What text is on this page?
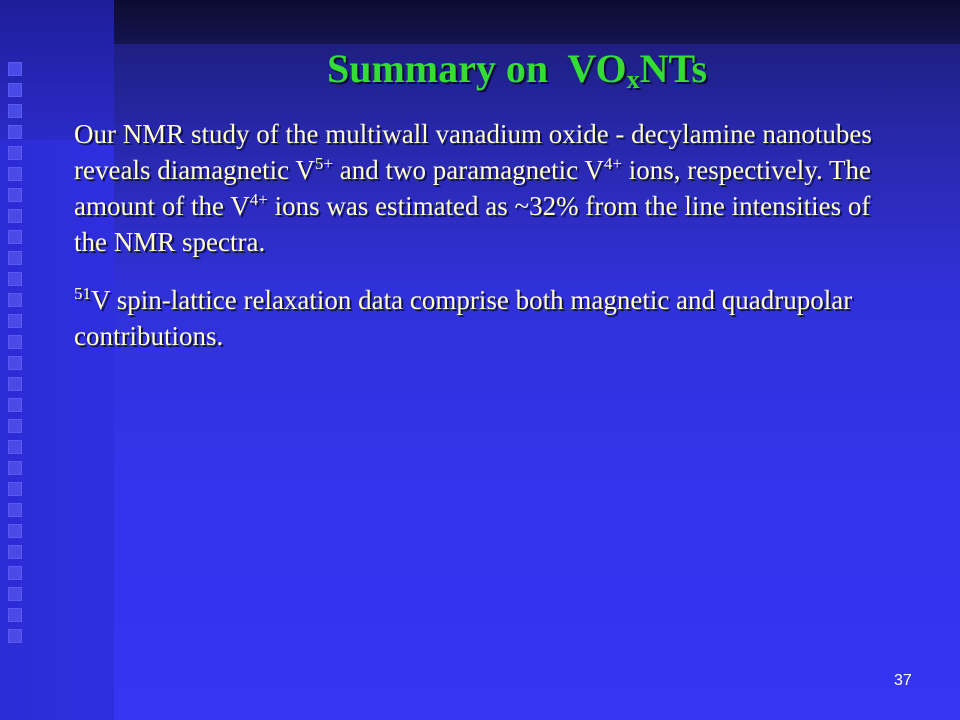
Summary on $VO_xNTs$

Our NMR study of the multiwall vanadium oxide - decylamine nanotubes reveals diamagnetic $V^{5+}$ and two paramagnetic $V^{4+}$ ions, respectively. The amount of the $V^{4+}$ ions was estimated as ~32% from the line intensities of the NMR spectra.

$^{51}$V spin-lattice relaxation data comprise both magnetic and quadrupolar contributions.

37
